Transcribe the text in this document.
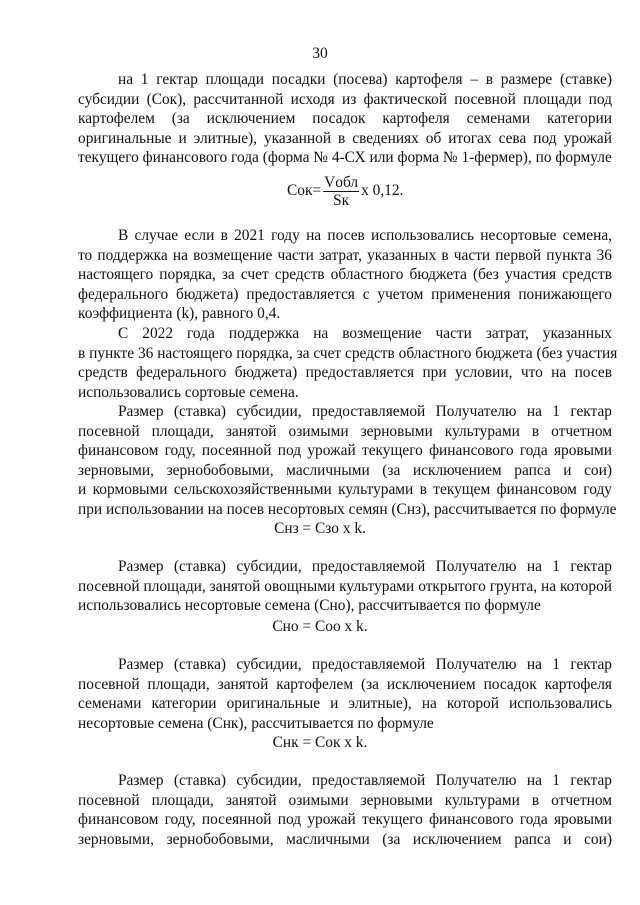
30
на 1 гектар площади посадки (посева) картофеля – в размере (ставке)
субсидии (Сок), рассчитанной исходя из фактической посевной площади под
картофелем (за исключением посадок картофеля семенами категории
оригинальные и элитные), указанной в сведениях об итогах сева под урожай
текущего финансового года (форма № 4-СХ или форма № 1-фермер), по формуле
Сок = $\frac{\text{Vобл}}{Sк}$ x 0,12.
В случае если в 2021 году на посев использовались несортовые семена,
то поддержка на возмещение части затрат, указанных в части первой пункта 36
настоящего порядка, за счет средств областного бюджета (без участия средств
федерального бюджета) предоставляется с учетом применения понижающего
коэффициента (k), равного 0,4.
С 2022 года поддержка на возмещение части затрат, указанных
в пункте 36 настоящего порядка, за счет средств областного бюджета (без участия
средств федерального бюджета) предоставляется при условии, что на посев
использовались сортовые семена.
Размер (ставка) субсидии, предоставляемой Получателю на 1 гектар
посевной площади, занятой озимыми зерновыми культурами в отчетном
финансовом году, посеянной под урожай текущего финансового года яровыми
зерновыми, зернобобовыми, масличными (за исключением рапса и сои)
и кормовыми сельскохозяйственными культурами в текущем финансовом году
при использовании на посев несортовых семян (Снз), рассчитывается по формуле
Снз = Сзо x k.
Размер (ставка) субсидии, предоставляемой Получателю на 1 гектар
посевной площади, занятой овощными культурами открытого грунта, на которой
использовались несортовые семена (Сно), рассчитывается по формуле
Сно = Соо x k.
Размер (ставка) субсидии, предоставляемой Получателю на 1 гектар
посевной площади, занятой картофелем (за исключением посадок картофеля
семенами категории оригинальные и элитные), на которой использовались
несортовые семена (Снк), рассчитывается по формуле
Снк = Сок x k.
Размер (ставка) субсидии, предоставляемой Получателю на 1 гектар
посевной площади, занятой озимыми зерновыми культурами в отчетном
финансовом году, посеянной под урожай текущего финансового года яровыми
зерновыми, зернобобовыми, масличными (за исключением рапса и сои)
